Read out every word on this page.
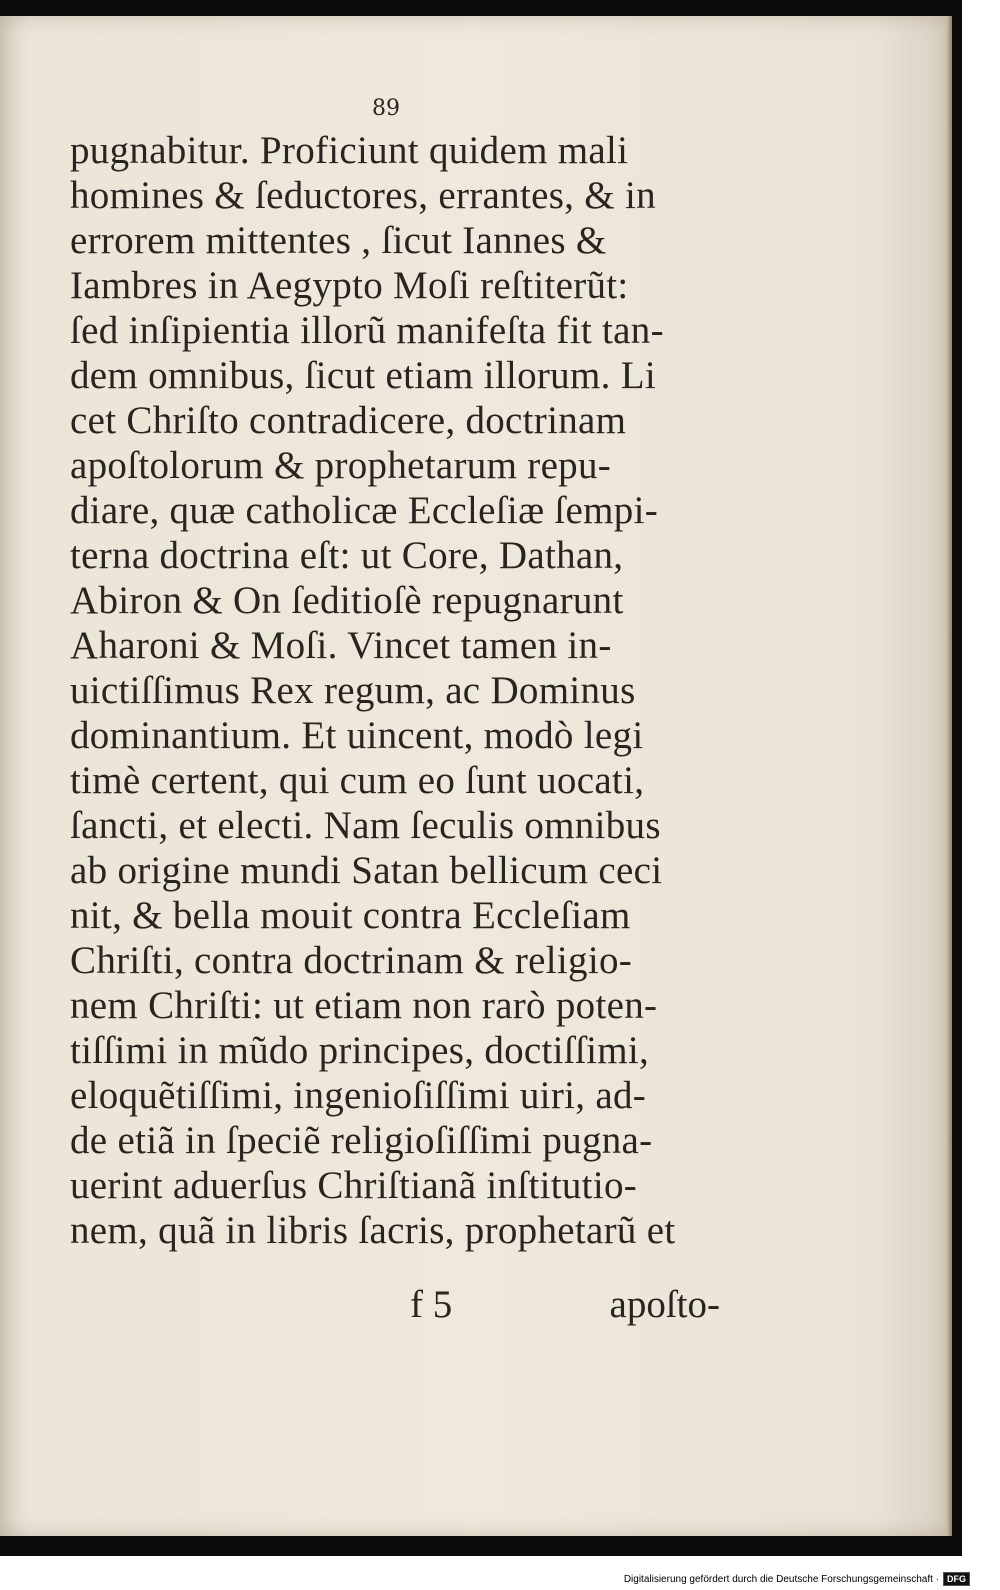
89
pugnabitur. Proficiunt quidem mali
homines & ſeductores, errantes, & in
errorem mittentes , ſicut Iannes &
Iambres in Aegypto Moſi reſtiterũt:
ſed inſipientia illorũ manifeſta fit tan-
dem omnibus, ſicut etiam illorum. Li
cet Chriſto contradicere, doctrinam
apoſtolorum & prophetarum repu-
diare, quæ catholicæ Eccleſiæ ſempi-
terna doctrina eſt: ut Core, Dathan,
Abiron & On ſeditioſè repugnarunt
Aharoni & Moſi. Vincet tamen in-
uictiſſimus Rex regum, ac Dominus
dominantium. Et uincent, modò legi
timè certent, qui cum eo ſunt uocati,
ſancti, et electi. Nam ſeculis omnibus
ab origine mundi Satan bellicum ceci
nit, & bella mouit contra Eccleſiam
Chriſti, contra doctrinam & religio-
nem Chriſti: ut etiam non rarò poten-
tiſſimi in mũdo principes, doctiſſimi,
eloquẽtiſſimi, ingenioſiſſimi uiri, ad-
de etiã in ſpeciẽ religioſiſſimi pugna-
uerint aduerſus Chriſtianã inſtitutio-
nem, quã in libris ſacris, prophetarũ et
f 5	apoſto-
Digitalisierung gefördert durch die Deutsche Forschungsgemeinschaft · DFG
